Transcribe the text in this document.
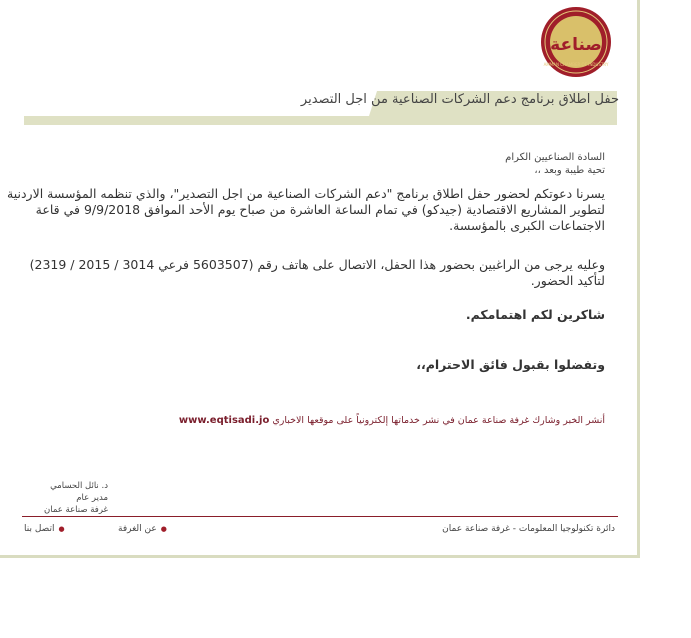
صناعة
AMMAN CHAMBER OF INDUSTRY
حفل اطلاق برنامج دعم الشركات الصناعية من اجل التصدير
السادة الصناعيين الكرام
تحية طيبة وبعد ،،
يسرنا دعوتكم لحضور حفل اطلاق برنامج "دعم الشركات الصناعية من اجل التصدير"، والذي تنظمه المؤسسة الاردنية لتطوير المشاريع الاقتصادية (جيدكو) في تمام الساعة العاشرة من صباح يوم الأحد الموافق 9/9/2018 في قاعة الاجتماعات الكبرى بالمؤسسة.
وعليه يرجى من الراغبين بحضور هذا الحفل، الاتصال على هاتف رقم (5603507 فرعي 3014 / 2015 / 2319) لتأكيد الحضور.
شاكرين لكم اهتمامكم.
وتفضلوا بقبول فائق الاحترام،،
أنشر الخبر وشارك غرفة صناعة عمان في نشر خدماتها إلكترونياً على موقعها الاخباري www.eqtisadi.jo
د. نائل الحسامي
مدير عام
غرفة صناعة عمان
دائرة تكنولوجيا المعلومات - غرفة صناعة عمان
●عن الغرفة
●اتصل بنا
